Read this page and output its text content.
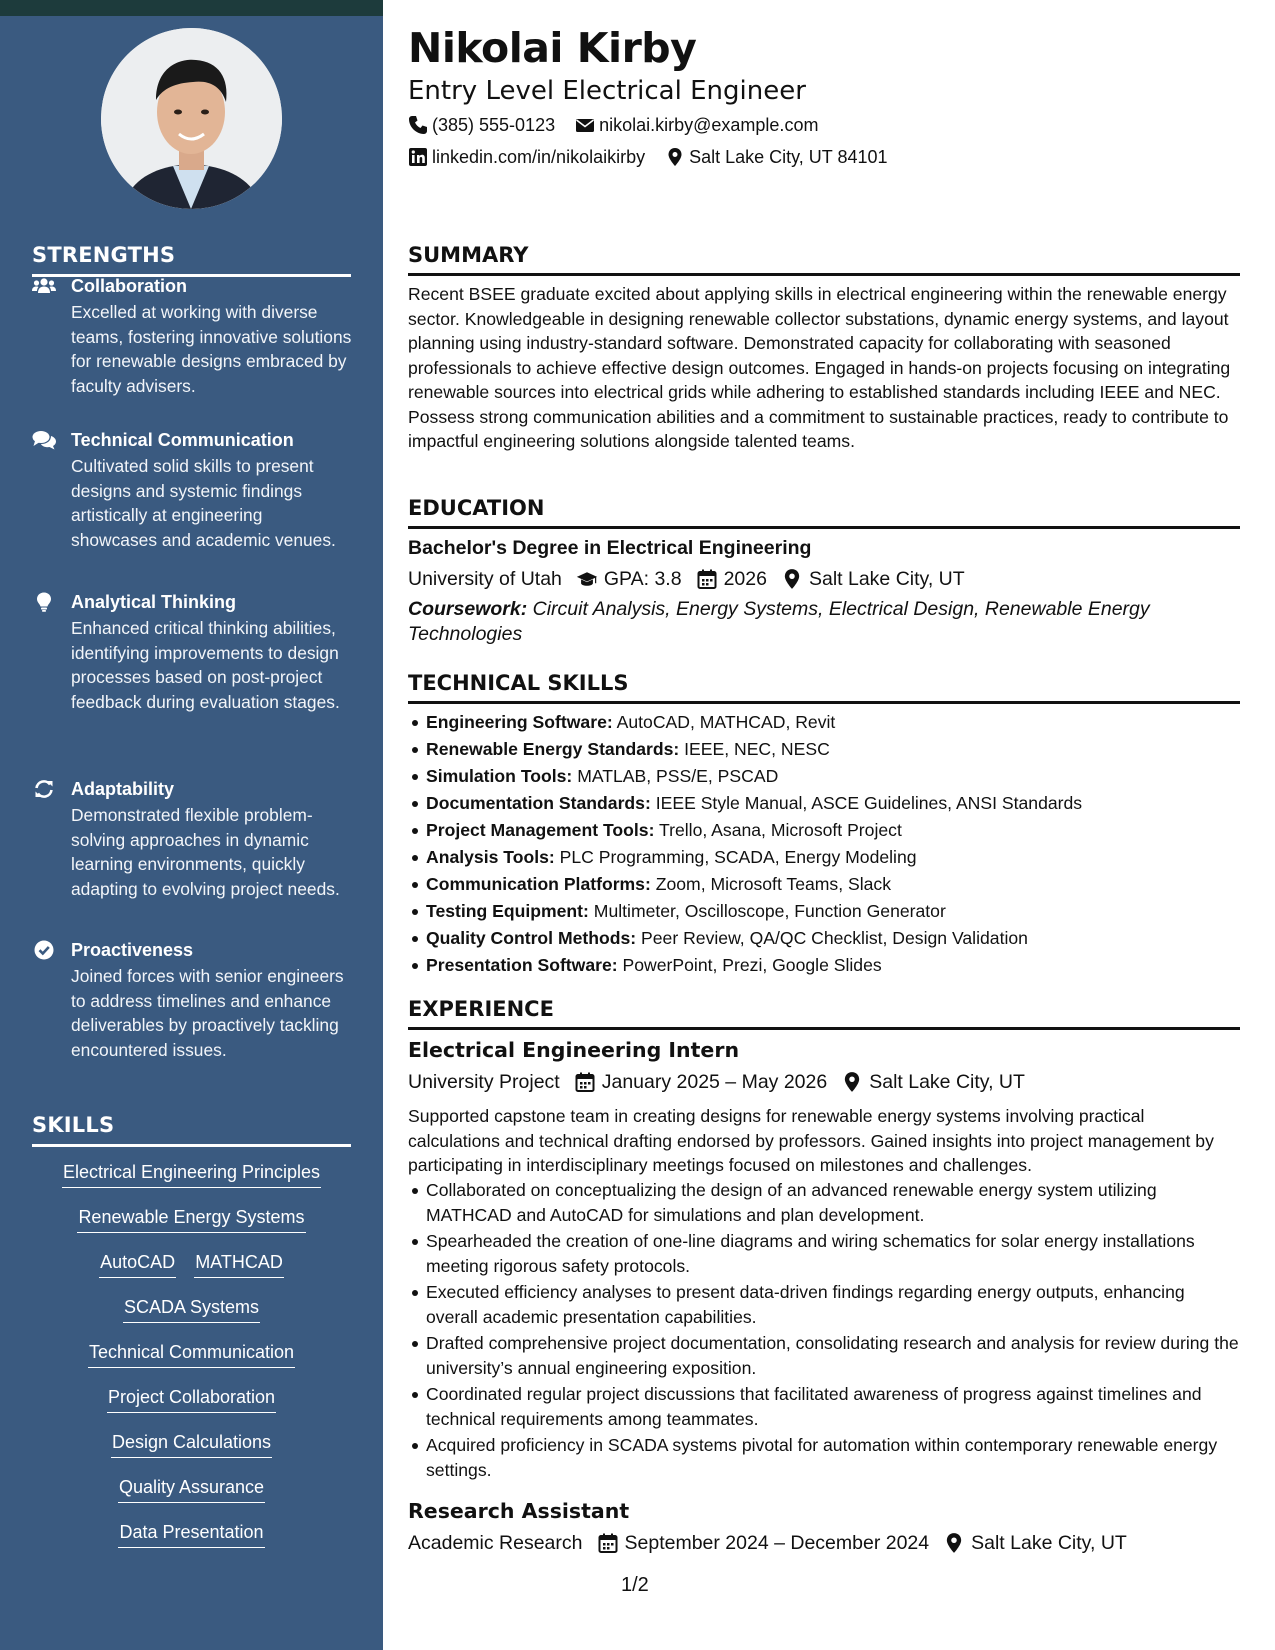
STRENGTHS
Collaboration
Excelled at working with diverse teams, fostering innovative solutions for renewable designs embraced by faculty advisers.
Technical Communication
Cultivated solid skills to present designs and systemic findings artistically at engineering showcases and academic venues.
Analytical Thinking
Enhanced critical thinking abilities, identifying improvements to design processes based on post-project feedback during evaluation stages.
Adaptability
Demonstrated flexible problem-solving approaches in dynamic learning environments, quickly adapting to evolving project needs.
Proactiveness
Joined forces with senior engineers to address timelines and enhance deliverables by proactively tackling encountered issues.
SKILLS
Electrical Engineering Principles
Renewable Energy Systems
AutoCAD MATHCAD
SCADA Systems
Technical Communication
Project Collaboration
Design Calculations
Quality Assurance
Data Presentation
Nikolai Kirby
Entry Level Electrical Engineer
(385) 555-0123 nikolai.kirby@example.com
linkedin.com/in/nikolaikirby Salt Lake City, UT 84101
SUMMARY
Recent BSEE graduate excited about applying skills in electrical engineering within the renewable energy sector. Knowledgeable in designing renewable collector substations, dynamic energy systems, and layout planning using industry-standard software. Demonstrated capacity for collaborating with seasoned professionals to achieve effective design outcomes. Engaged in hands-on projects focusing on integrating renewable sources into electrical grids while adhering to established standards including IEEE and NEC. Possess strong communication abilities and a commitment to sustainable practices, ready to contribute to impactful engineering solutions alongside talented teams.
EDUCATION
Bachelor's Degree in Electrical Engineering
University of Utah GPA: 3.8 2026 Salt Lake City, UT
Coursework: Circuit Analysis, Energy Systems, Electrical Design, Renewable Energy Technologies
TECHNICAL SKILLS
Engineering Software: AutoCAD, MATHCAD, Revit
Renewable Energy Standards: IEEE, NEC, NESC
Simulation Tools: MATLAB, PSS/E, PSCAD
Documentation Standards: IEEE Style Manual, ASCE Guidelines, ANSI Standards
Project Management Tools: Trello, Asana, Microsoft Project
Analysis Tools: PLC Programming, SCADA, Energy Modeling
Communication Platforms: Zoom, Microsoft Teams, Slack
Testing Equipment: Multimeter, Oscilloscope, Function Generator
Quality Control Methods: Peer Review, QA/QC Checklist, Design Validation
Presentation Software: PowerPoint, Prezi, Google Slides
EXPERIENCE
Electrical Engineering Intern
University Project January 2025 – May 2026 Salt Lake City, UT
Supported capstone team in creating designs for renewable energy systems involving practical calculations and technical drafting endorsed by professors. Gained insights into project management by participating in interdisciplinary meetings focused on milestones and challenges.
Collaborated on conceptualizing the design of an advanced renewable energy system utilizing MATHCAD and AutoCAD for simulations and plan development.
Spearheaded the creation of one-line diagrams and wiring schematics for solar energy installations meeting rigorous safety protocols.
Executed efficiency analyses to present data-driven findings regarding energy outputs, enhancing overall academic presentation capabilities.
Drafted comprehensive project documentation, consolidating research and analysis for review during the university’s annual engineering exposition.
Coordinated regular project discussions that facilitated awareness of progress against timelines and technical requirements among teammates.
Acquired proficiency in SCADA systems pivotal for automation within contemporary renewable energy settings.
Research Assistant
Academic Research September 2024 – December 2024 Salt Lake City, UT
1/2
